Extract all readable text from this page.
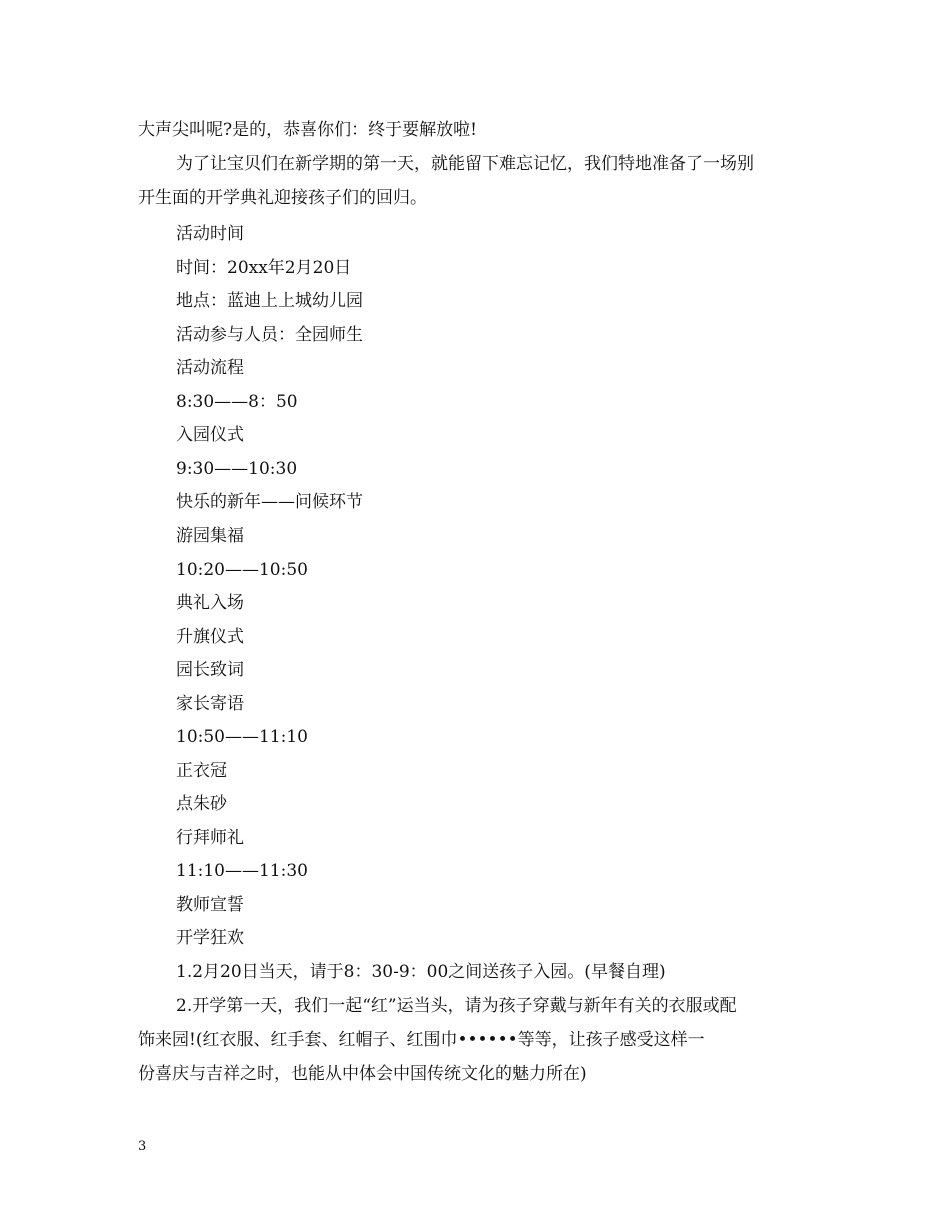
大声尖叫呢?是的，恭喜你们：终于要解放啦!
为了让宝贝们在新学期的第一天，就能留下难忘记忆，我们特地准备了一场别
开生面的开学典礼迎接孩子们的回归。
活动时间
时间：20xx年2月20日
地点：蓝迪上上城幼儿园
活动参与人员：全园师生
活动流程
8:30——8：50
入园仪式
9:30——10:30
快乐的新年——问候环节
游园集福
10:20——10:50
典礼入场
升旗仪式
园长致词
家长寄语
10:50——11:10
正衣冠
点朱砂
行拜师礼
11:10——11:30
教师宣誓
开学狂欢
1.2月20日当天，请于8：30-9：00之间送孩子入园。(早餐自理)
2.开学第一天，我们一起“红”运当头，请为孩子穿戴与新年有关的衣服或配
饰来园!(红衣服、红手套、红帽子、红围巾••••••等等，让孩子感受这样一
份喜庆与吉祥之时，也能从中体会中国传统文化的魅力所在)
3
